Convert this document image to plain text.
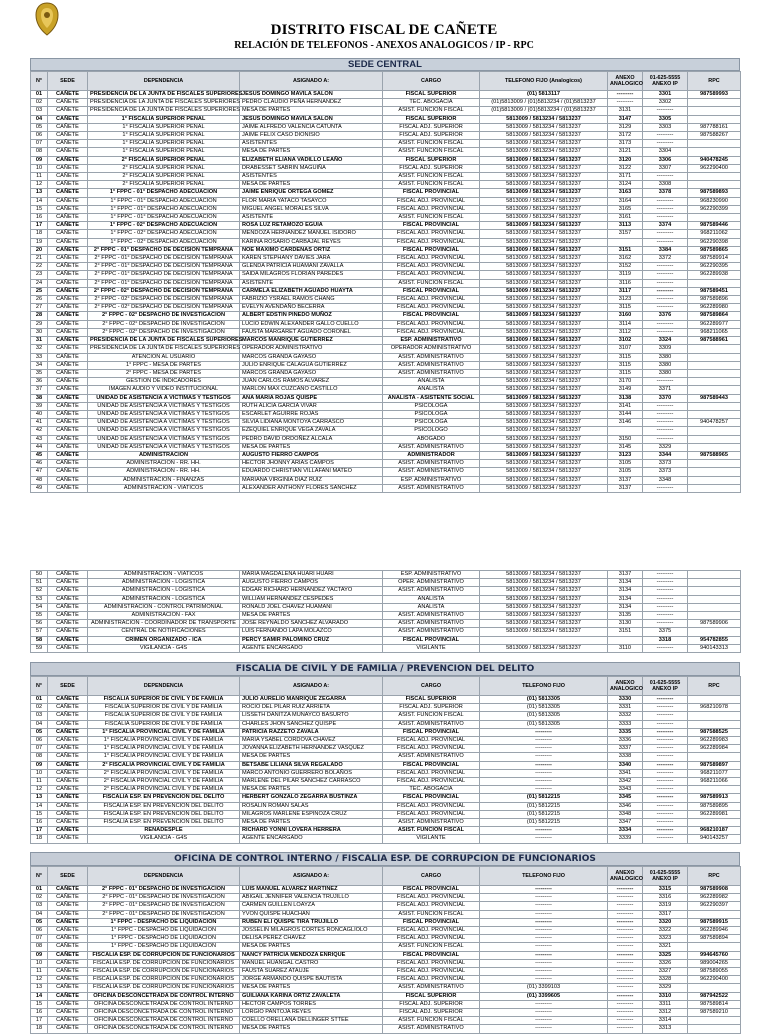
DISTRITO FISCAL DE CAÑETE
RELACIÓN DE TELEFONOS - ANEXOS ANALOGICOS / IP - RPC
SEDE CENTRAL
N°	SEDE	DEPENDENCIA	ASIGNADO A:	CARGO	TELEFONO FIJO (Analogicos)	ANEXO ANALOGICO	01-625-5555 ANEXO IP	RPC
01	CAÑETE	PRESIDENCIA DE LA JUNTA DE FISCALES SUPERIORES	JESUS DOMINGO MAVILA SALON	FISCAL SUPERIOR	(01) 5813117	---------	3301	987589993
02	CAÑETE	PRESIDENCIA DE LA JUNTA DE FISCALES SUPERIORES	PEDRO CLAUDIO PEÑA HERNANDEZ	TEC. ABOGACIA	(01)5813009 / (01)5813234 / (01)5813237	---------	3302	
03	CAÑETE	PRESIDENCIA DE LA JUNTA DE FISCALES SUPERIORES	MESA DE PARTES	ASIST. FUNCION FISCAL	(01)5813009 / (01)5813234 / (01)5813237	3131	---------	
04	CAÑETE	1° FISCALIA SUPERIOR PENAL	JESUS DOMINGO MAVILA SALON	FISCAL SUPERIOR	5813009 / 5813234 / 5813237	3147	3305	
05	CAÑETE	1° FISCALIA SUPERIOR PENAL	JAIME ALFREDO VALENCIA CATUNTA	FISCAL ADJ. SUPERIOR	5813009 / 5813234 / 5813237	3129	3303	987788161
06	CAÑETE	1° FISCALIA SUPERIOR PENAL	JAIME FELIX CASO DIONISIO	FISCAL ADJ. SUPERIOR	5813009 / 5813234 / 5813237	3172	---------	987588267
07	CAÑETE	1° FISCALIA SUPERIOR PENAL	ASISTENTES	ASIST. FUNCION FISCAL	5813009 / 5813234 / 5813237	3173	---------	
08	CAÑETE	1° FISCALIA SUPERIOR PENAL	MESA DE PARTES	ASIST. FUNCION FISCAL	5813009 / 5813234 / 5813237	3121	3304	
09	CAÑETE	2° FISCALIA SUPERIOR PENAL	ELIZABETH ELIANA VADILLO LEAÑO	FISCAL SUPERIOR	5813009 / 5813234 / 5813237	3120	3306	940478245
10	CAÑETE	2° FISCALIA SUPERIOR PENAL	DRABESSET SABRIN MAGUIÑA	FISCAL ADJ. SUPERIOR	5813009 / 5813234 / 5813237	3122	3307	962290400
11	CAÑETE	2° FISCALIA SUPERIOR PENAL	ASISTENTES	ASIST. FUNCION FISCAL	5813009 / 5813234 / 5813237	3171	---------	
12	CAÑETE	2° FISCALIA SUPERIOR PENAL	MESA DE PARTES	ASIST. FUNCION FISCAL	5813009 / 5813234 / 5813237	3124	3308	
13	CAÑETE	1° FPPC - 01° DESPACHO ADECUACION	JAIME ENRIQUE ORTEGA GOMEZ	FISCAL PROVINCIAL	5813009 / 5813234 / 5813237	3163	3378	987589893
14	CAÑETE	1° FPPC - 01° DESPACHO ADECUACION	FLOR MARIA YATACO TASAYCO	FISCAL ADJ. PROVINCIAL	5813009 / 5813234 / 5813237	3164	---------	968230990
15	CAÑETE	1° FPPC - 01° DESPACHO ADECUACION	MIGUEL ANGEL MORALES SILVA	FISCAL ADJ. PROVINCIAL	5813009 / 5813234 / 5813237	3165	---------	962290399
16	CAÑETE	1° FPPC - 01° DESPACHO ADECUACION	ASISTENTE	ASIST. FUNCION FISCAL	5813009 / 5813234 / 5813237	3161	---------	
17	CAÑETE	1° FPPC - 02° DESPACHO ADECUACION	ROSA LUZ RETAMOZO EGUIA	FISCAL PROVINCIAL	5813009 / 5813234 / 5813237	3113	3374	987589446
18	CAÑETE	1° FPPC - 02° DESPACHO ADECUACION	MENDOZA HERNANDEZ MANUEL ISIDORO	FISCAL ADJ. PROVINCIAL	5813009 / 5813234 / 5813237	3157	---------	968211062
19	CAÑETE	1° FPPC - 02° DESPACHO ADECUACION	KARINA ROSARIO CARBAJAL REYES	FISCAL ADJ. PROVINCIAL	5813009 / 5813234 / 5813237		---------	962290398
20	CAÑETE	2° FPPC - 01° DESPACHO DE DECISION TEMPRANA	NOE MAXIMO CARDENAS ORTIZ	FISCAL PROVINCIAL	5813009 / 5813234 / 5813237	3151	3384	987589865
21	CAÑETE	2° FPPC - 01° DESPACHO DE DECISION TEMPRANA	KAREN STEPHANY DAVIES JARA	FISCAL ADJ. PROVINCIAL	5813009 / 5813234 / 5813237	3162	3372	987589914
22	CAÑETE	2° FPPC - 01° DESPACHO DE DECISION TEMPRANA	GLENDA PATRICIA HUAMANI ZAVALLA	FISCAL ADJ. PROVINCIAL	5813009 / 5813234 / 5813237	3152	---------	962290395
23	CAÑETE	2° FPPC - 01° DESPACHO DE DECISION TEMPRANA	SAIDA MILAGROS FLORIAN PAREDES	FISCAL ADJ. PROVINCIAL	5813009 / 5813234 / 5813237	3119	---------	962289938
24	CAÑETE	2° FPPC - 01° DESPACHO DE DECISION TEMPRANA	ASISTENTE	ASIST. FUNCION FISCAL	5813009 / 5813234 / 5813237	3116	---------	
25	CAÑETE	2° FPPC - 02° DESPACHO DE DECISION TEMPRANA	CARMELA ELIZABETH AGUADO HUAYTA	FISCAL PROVINCIAL	5813009 / 5813234 / 5813237	3117	---------	987589451
26	CAÑETE	2° FPPC - 02° DESPACHO DE DECISION TEMPRANA	FABRIZIO YSRAEL RAMOS CHANG	FISCAL ADJ. PROVINCIAL	5813009 / 5813234 / 5813237	3123	---------	987589896
27	CAÑETE	2° FPPC - 02° DESPACHO DE DECISION TEMPRANA	EVELYN AVENDAÑO BECERRA	FISCAL ADJ. PROVINCIAL	5813009 / 5813234 / 5813237	3115	---------	962289980
28	CAÑETE	2° FPPC - 02° DESPACHO DE INVESTIGACION	ALBERT EDSTIN PINEDO MUÑOZ	FISCAL PROVINCIAL	5813009 / 5813234 / 5813237	3160	3376	987589864
29	CAÑETE	2° FPPC - 02° DESPACHO DE INVESTIGACION	LUCIO EDWIN ALEXANDER GALLO CUELLO	FISCAL ADJ. PROVINCIAL	5813009 / 5813234 / 5813237	3114	---------	962289977
30	CAÑETE	2° FPPC - 02° DESPACHO DE INVESTIGACION	FAUSTA MARGARET AGUADO CORONEL	FISCAL ADJ. PROVINCIAL	5813009 / 5813234 / 5813237	3112	---------	968211065
31	CAÑETE	PRESIDENCIA DE LA JUNTA DE FISCALES SUPERIORES	MARCOS MANRIQUE GUTIERREZ	ESP. ADMINISTRATIVO	5813009 / 5813234 / 5813237	3102	3324	987588961
32	CAÑETE	PRESIDENCIA DE LA JUNTA DE FISCALES SUPERIORES	OPERADOR ADMINISTRATIVO	OPERADOR ADMINISTRATIVO	5813009 / 5813234 / 5813237	3107	3309	
33	CAÑETE	ATENCION AL USUARIO	MARCOS GRANDA GAYASO	ASIST. ADMINISTRATIVO	5813009 / 5813234 / 5813237	3115	3380	
34	CAÑETE	1° FPPC - MESA DE PARTES	JULIO ENRIQUE CALAGUA GUTIERREZ	ASIST. ADMINISTRATIVO	5813009 / 5813234 / 5813237	3115	3380	
35	CAÑETE	2° FPPC - MESA DE PARTES	MARCOS GRANDA GAYASO	ASIST. ADMINISTRATIVO	5813009 / 5813234 / 5813237	3115	3380	
36	CAÑETE	GESTION DE INDICADORES	JUAN CARLOS RAMOS ALVAREZ	ANALISTA	5813009 / 5813234 / 5813237	3170	---------	
37	CAÑETE	IMAGEN AUDIO Y VIDEO INSTITUCIONAL	MARLON MAX CUZCANO CASTILLO	ANALISTA	5813009 / 5813234 / 5813237	3149	3371	
38	CAÑETE	UNIDAD DE ASISTENCIA A VICTIMAS Y TESTIGOS	ANA MARIA ROJAS QUISPE	ANALISTA - ASISTENTE SOCIAL	5813009 / 5813234 / 5813237	3138	3370	987589443
39	CAÑETE	UNIDAD DE ASISTENCIA A VICTIMAS Y TESTIGOS	RUTH ALICIA GARCIA VIVAR	PSICOLOGA	5813009 / 5813234 / 5813237	3141	---------	
40	CAÑETE	UNIDAD DE ASISTENCIA A VICTIMAS Y TESTIGOS	ESCARLET AGUIRRE ROJAS	PSICOLOGA	5813009 / 5813234 / 5813237	3144	---------	
41	CAÑETE	UNIDAD DE ASISTENCIA A VICTIMAS Y TESTIGOS	SILVIA LIDIANA MONTOYA CARRASCO	PSICOLOGA	5813009 / 5813234 / 5813237	3146	---------	940478257
42	CAÑETE	UNIDAD DE ASISTENCIA A VICTIMAS Y TESTIGOS	EZEQUIEL ENRIQUE VEGA ZAVALA	PSICOLOGO	5813009 / 5813234 / 5813237		---------	
43	CAÑETE	UNIDAD DE ASISTENCIA A VICTIMAS Y TESTIGOS	PEDRO DAVID ORDOÑEZ ALCALA	ABOGADO	5813009 / 5813234 / 5813237	3150	---------	
44	CAÑETE	UNIDAD DE ASISTENCIA A VICTIMAS Y TESTIGOS	MESA DE PARTES	ASIST. ADMINISTRATIVO	5813009 / 5813234 / 5813237	3145	3329	
45	CAÑETE	ADMINISTRACION	AUGUSTO FIERRO CAMPOS	ADMINISTRADOR	5813009 / 5813234 / 5813237	3123	3344	987588965
46	CAÑETE	ADMINISTRACION - RR. HH.	HECTOR JHONNY ARIAS CAMPOS	ASIST. ADMINISTRATIVO	5813009 / 5813234 / 5813237	3105	3373	
47	CAÑETE	ADMINISTRACION - RR. HH.	EDUARDO CHRISTIAN VILLAFANI MATEO	ASIST. ADMINISTRATIVO	5813009 / 5813234 / 5813237	3105	3373	
48	CAÑETE	ADMINISTRACION - FINANZAS	MARIANA VIRGINIA DIAZ RUIZ	ESP. ADMINISTRATIVO	5813009 / 5813234 / 5813237	3137	3348	
49	CAÑETE	ADMINISTRACION - VIATICOS	ALEXANDER ANTHONY FLORES SANCHEZ	ASIST. ADMINISTRATIVO	5813009 / 5813234 / 5813237	3137	---------	
50	CAÑETE	ADMINISTRACION - VIATICOS	MARIA MAGDALENA HUARI HUARI	ESP. ADMINISTRATIVO	5813009 / 5813234 / 5813237	3137	---------	
51	CAÑETE	ADMINISTRACION - LOGISTICA	AUGUSTO FIERRO CAMPOS	OPER. ADMINISTRATIVO	5813009 / 5813234 / 5813237	3134	---------	
52	CAÑETE	ADMINISTRACION - LOGISTICA	EDGAR RICHARD HERNANDEZ YACTAYO	ASIST. ADMINISTRATIVO	5813009 / 5813234 / 5813237	3134	---------	
53	CAÑETE	ADMINISTRACION - LOGISTICA	WILLIAM HERNANDEZ CESPEDES	ANALISTA	5813009 / 5813234 / 5813237	3134	---------	
54	CAÑETE	ADMINISTRACION - CONTROL PATRIMONIAL	RONALD JOEL CHAVEZ HUAMANI	ANALISTA	5813009 / 5813234 / 5813237	3134	---------	
55	CAÑETE	ADMINISTRACION - FAX	MESA DE PARTES	ASIST. ADMINISTRATIVO	5813009 / 5813234 / 5813237	3135	---------	
56	CAÑETE	ADMINISTRACION - COORDINADOR DE TRANSPORTE	JOSE REYNALDO SANCHEZ ALVARADO	ASIST. ADMINISTRATIVO	5813009 / 5813234 / 5813237	3130	---------	987589906
57	CAÑETE	CENTRAL DE NOTIFICACIONES	LUIS FERNANDO LAPA MOLAZCO	ASIST. ADMINISTRATIVO	5813009 / 5813234 / 5813237	3151	3375	
58	CAÑETE	CRIMEN ORGANIZADO - ICA	PERCY SAMIR PALOMINO CRUZ	FISCAL PROVINCIAL			3318	954782855
59	CAÑETE	VIGILANCIA - G4S	AGENTE ENCARGADO	VIGILANTE	5813009 / 5813234 / 5813237	3110	---------	940143313
FISCALIA DE CIVIL Y DE FAMILIA / PREVENCION DEL DELITO
N°	SEDE	DEPENDENCIA	ASIGNADO A:	CARGO	TELEFONO FIJO	ANEXO ANALOGICO	01-625-5555 ANEXO IP	RPC
01	CAÑETE	FISCALIA SUPERIOR DE CIVIL Y DE FAMILIA	JULIO AURELIO MANRIQUE ZEGARRA	FISCAL SUPERIOR	(01) 5813305	3330	---------	
02	CAÑETE	FISCALIA SUPERIOR DE CIVIL Y DE FAMILIA	ROCIO DEL PILAR RUIZ ARRIETA	FISCAL ADJ. SUPERIOR	(01) 5813305	3331	---------	968210978
03	CAÑETE	FISCALIA SUPERIOR DE CIVIL Y DE FAMILIA	LISSETH DANITZA MUNAYCO BASURTO	ASIST. FUNCION FISCAL	(01) 5813305	3332	---------	
04	CAÑETE	FISCALIA SUPERIOR DE CIVIL Y DE FAMILIA	CHARLES JHON SANCHEZ QUISPE	ASIST. ADMINISTRATIVO	(01) 5813305	3333	---------	
05	CAÑETE	1° FISCALIA PROVINCIAL CIVIL Y DE FAMILIA	PATRICIA RAZZETO ZAVALA	FISCAL PROVINCIAL	---------	3335	---------	987588525
06	CAÑETE	1° FISCALIA PROVINCIAL CIVIL Y DE FAMILIA	MARIA YSABEL CORDOVA CHAVEZ	FISCAL ADJ. PROVINCIAL	---------	3336	---------	962289983
07	CAÑETE	1° FISCALIA PROVINCIAL CIVIL Y DE FAMILIA	JOVANNA ELIZABETH HERNANDEZ VASQUEZ	FISCAL ADJ. PROVINCIAL	---------	3337	---------	962289984
08	CAÑETE	1° FISCALIA PROVINCIAL CIVIL Y DE FAMILIA	MESA DE PARTES	ASIST. ADMINISTRATIVO	---------	3338	---------	
09	CAÑETE	2° FISCALIA PROVINCIAL CIVIL Y DE FAMILIA	BETSABE LILIANA SILVA REGALADO	FISCAL PROVINCIAL	---------	3340	---------	987589897
10	CAÑETE	2° FISCALIA PROVINCIAL CIVIL Y DE FAMILIA	MARCO ANTONIO GUERRERO BOLAÑOS	FISCAL ADJ. PROVINCIAL	---------	3341	---------	968211077
11	CAÑETE	2° FISCALIA PROVINCIAL CIVIL Y DE FAMILIA	MARLENE DEL PILAR SANCHEZ CARRASCO	FISCAL ADJ. PROVINCIAL	---------	3342	---------	968211066
12	CAÑETE	2° FISCALIA PROVINCIAL CIVIL Y DE FAMILIA	MESA DE PARTES	TEC. ABOGACIA	---------	3343	---------	
13	CAÑETE	FISCALIA ESP. EN PREVENCION DEL DELITO	HERBERT GONZALO ZEGARRA BUSTINZA	FISCAL PROVINCIAL	(01) 5812215	3345	---------	987589913
14	CAÑETE	FISCALIA ESP. EN PREVENCION DEL DELITO	ROSALIN ROMAN SALAS	FISCAL ADJ. PROVINCIAL	(01) 5812215	3346	---------	987589895
15	CAÑETE	FISCALIA ESP. EN PREVENCION DEL DELITO	MILAGROS MARLENE ESPINOZA CRUZ	FISCAL ADJ. PROVINCIAL	(01) 5812215	3348	---------	962289981
16	CAÑETE	FISCALIA ESP. EN PREVENCION DEL DELITO	MESA DE PARTES	ASIST. ADMINISTRATIVO	(01) 5812215	3347	---------	
17	CAÑETE	RENADESPLE	RICHARD YONNI LOVERA HERRERA	ASIST. FUNCION FISCAL	---------	3334	---------	968210187
18	CAÑETE	VIGILANCIA - G4S	AGENTE ENCARGADO	VIGILANTE	---------	3339	---------	940143257
OFICINA DE CONTROL INTERNO / FISCALIA ESP. DE CORRUPCION DE FUNCIONARIOS
N°	SEDE	DEPENDENCIA	ASIGNADO A:	CARGO	TELEFONO FIJO	ANEXO ANALOGICO	01-625-5555 ANEXO IP	RPC
01	CAÑETE	2° FPPC - 01° DESPACHO DE INVESTIGACION	LUIS MANUEL ALVAREZ MARTINEZ	FISCAL PROVINCIAL	---------	---------	3315	987589908
02	CAÑETE	2° FPPC - 01° DESPACHO DE INVESTIGACION	ABIGAIL JENNIFER VALENCIA TRUJILLO	FISCAL ADJ. PROVINCIAL	---------	---------	3316	962289982
03	CAÑETE	2° FPPC - 01° DESPACHO DE INVESTIGACION	CARMEN GUILLEN LOAYZA	FISCAL ADJ. PROVINCIAL	---------	---------	3319	962290397
04	CAÑETE	2° FPPC - 01° DESPACHO DE INVESTIGACION	YVON QUISPE HUACHAN	ASIST. FUNCION FISCAL	---------	---------	3317	
05	CAÑETE	1° FPPC - DESPACHO DE LIQUIDACION	RUBEN ELI QUISPE TIRA TRUJILLO	FISCAL PROVINCIAL	---------	---------	3320	987589915
06	CAÑETE	1° FPPC - DESPACHO DE LIQUIDACION	JOSSELIN MILAGROS CORTES RONCAGLIOLO	FISCAL ADJ. PROVINCIAL	---------	---------	3322	962289946
07	CAÑETE	1° FPPC - DESPACHO DE LIQUIDACION	DELISA PEREZ CHAVEZ	FISCAL ADJ. PROVINCIAL	---------	---------	3323	987589894
08	CAÑETE	1° FPPC - DESPACHO DE LIQUIDACION	MESA DE PARTES	ASIST. FUNCION FISCAL	---------	---------	3321	
09	CAÑETE	FISCALIA ESP. DE CORRUPCION DE FUNCIONARIOS	NANCY PATRICIA MENDOZA ENRIQUE	FISCAL PROVINCIAL	---------	---------	3325	994645760
10	CAÑETE	FISCALIA ESP. DE CORRUPCION DE FUNCIONARIOS	MANUEL HUANGAL CASTRO	FISCAL ADJ. PROVINCIAL	---------	---------	3326	989004265
11	CAÑETE	FISCALIA ESP. DE CORRUPCION DE FUNCIONARIOS	FAUSTA SUAREZ ATAUJE	FISCAL ADJ. PROVINCIAL	---------	---------	3327	987589055
12	CAÑETE	FISCALIA ESP. DE CORRUPCION DE FUNCIONARIOS	JORGE ARMANDO QUISPE BAUTISTA	FISCAL ADJ. PROVINCIAL	---------	---------	3328	962290400
13	CAÑETE	FISCALIA ESP. DE CORRUPCION DE FUNCIONARIOS	MESA DE PARTES	ASIST. ADMINISTRATIVO	(01) 3399103	---------	3329	
14	CAÑETE	OFICINA DESCONCETRADA DE CONTROL INTERNO	GUILIANA KARINA ORTIZ ZAVALETA	FISCAL SUPERIOR	(01) 3399605	---------	3310	987942522
15	CAÑETE	OFICINA DESCONCETRADA DE CONTROL INTERNO	HECTOR CAMPOS TORRES	FISCAL ADJ. SUPERIOR	---------	---------	3311	987589814
16	CAÑETE	OFICINA DESCONCETRADA DE CONTROL INTERNO	LORGIO PANTOJA REYES	FISCAL ADJ. SUPERIOR	---------	---------	3312	987589210
17	CAÑETE	OFICINA DESCONCETRADA DE CONTROL INTERNO	COELLO ORELLANA DELLINGER STTEE	ASIST. FUNCION FISCAL	---------	---------	3314	
18	CAÑETE	OFICINA DESCONCETRADA DE CONTROL INTERNO	MESA DE PARTES	ASIST. ADMINISTRATIVO	---------	---------	3313	
